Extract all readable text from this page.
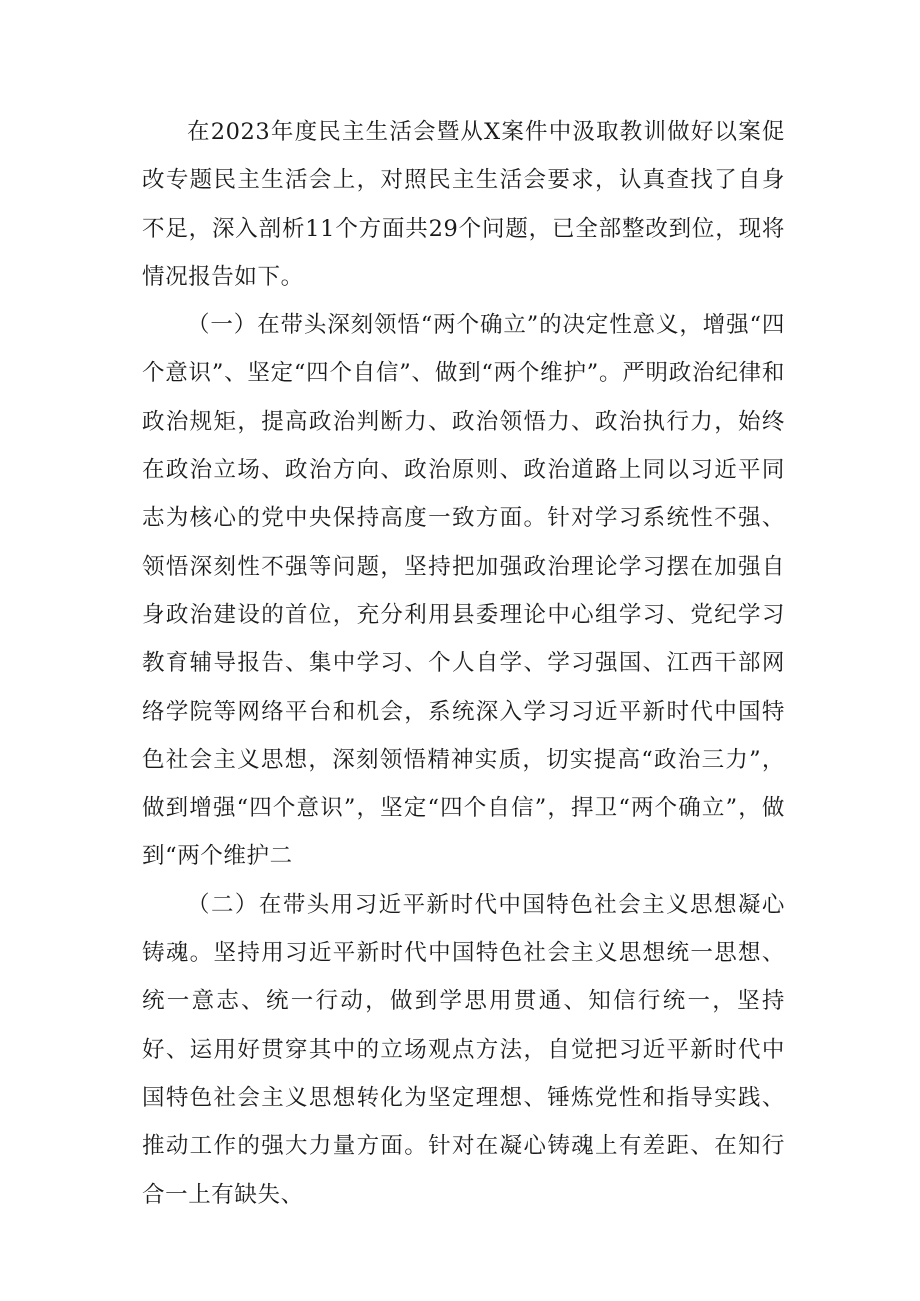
在2023年度民主生活会暨从X案件中汲取教训做好以案促改专题民主生活会上，对照民主生活会要求，认真查找了自身不足，深入剖析11个方面共29个问题，已全部整改到位，现将情况报告如下。

（一）在带头深刻领悟“两个确立”的决定性意义，增强“四个意识”、坚定“四个自信”、做到“两个维护”。严明政治纪律和政治规矩，提高政治判断力、政治领悟力、政治执行力，始终在政治立场、政治方向、政治原则、政治道路上同以习近平同志为核心的党中央保持高度一致方面。针对学习系统性不强、领悟深刻性不强等问题，坚持把加强政治理论学习摆在加强自身政治建设的首位，充分利用县委理论中心组学习、党纪学习教育辅导报告、集中学习、个人自学、学习强国、江西干部网络学院等网络平台和机会，系统深入学习习近平新时代中国特色社会主义思想，深刻领悟精神实质，切实提高“政治三力”，做到增强“四个意识”，坚定“四个自信”，捍卫“两个确立”，做到“两个维护二

（二）在带头用习近平新时代中国特色社会主义思想凝心铸魂。坚持用习近平新时代中国特色社会主义思想统一思想、统一意志、统一行动，做到学思用贯通、知信行统一，坚持好、运用好贯穿其中的立场观点方法，自觉把习近平新时代中国特色社会主义思想转化为坚定理想、锤炼党性和指导实践、推动工作的强大力量方面。针对在凝心铸魂上有差距、在知行合一上有缺失、
